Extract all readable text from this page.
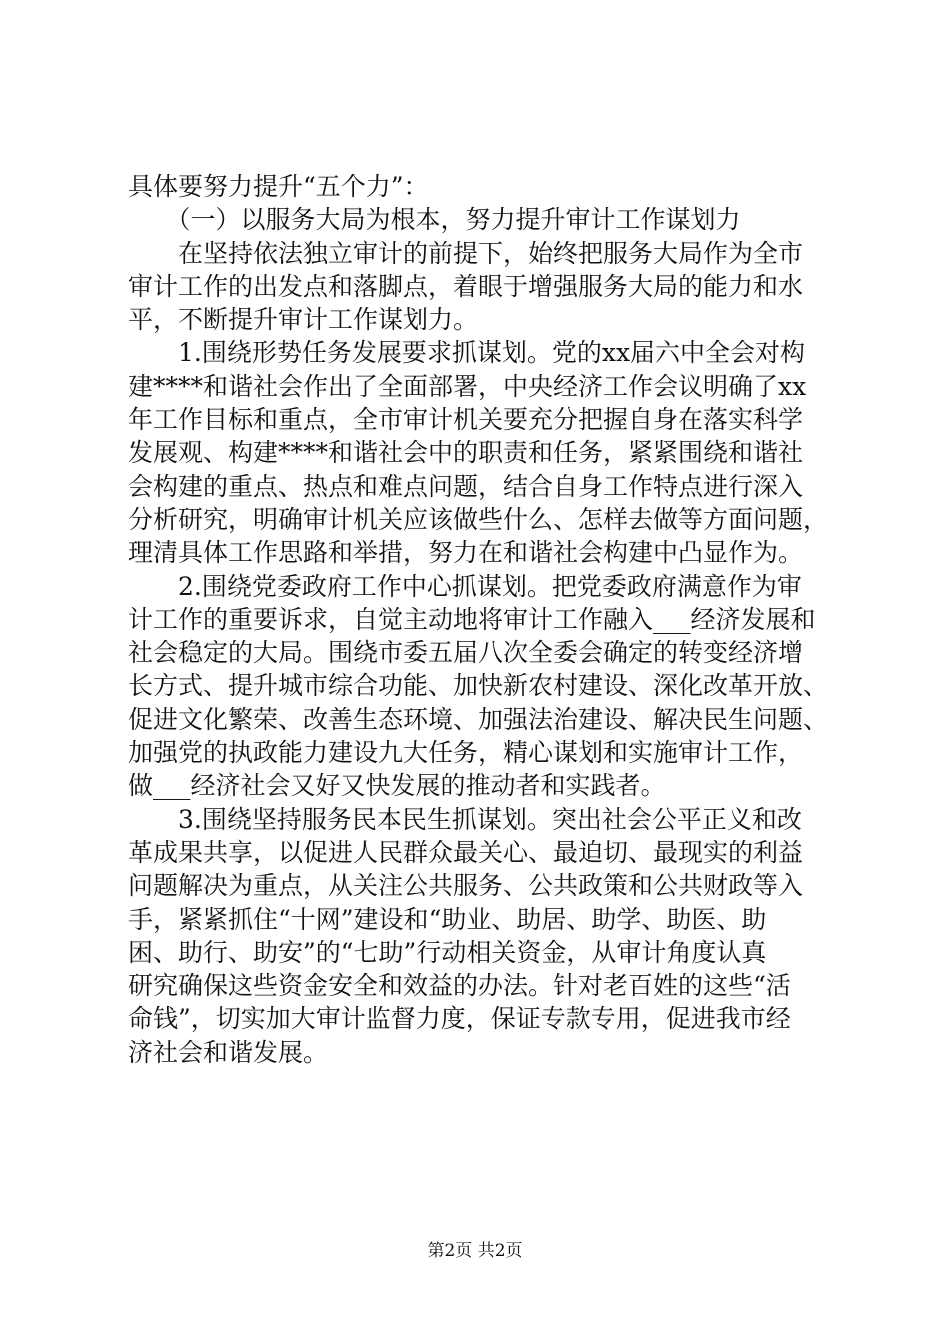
具体要努力提升“五个力”：
　　（一）以服务大局为根本，努力提升审计工作谋划力
　　在坚持依法独立审计的前提下，始终把服务大局作为全市
审计工作的出发点和落脚点，着眼于增强服务大局的能力和水
平，不断提升审计工作谋划力。
　　1.围绕形势任务发展要求抓谋划。党的xx届六中全会对构
建****和谐社会作出了全面部署，中央经济工作会议明确了xx
年工作目标和重点，全市审计机关要充分把握自身在落实科学
发展观、构建****和谐社会中的职责和任务，紧紧围绕和谐社
会构建的重点、热点和难点问题，结合自身工作特点进行深入
分析研究，明确审计机关应该做些什么、怎样去做等方面问题，
理清具体工作思路和举措，努力在和谐社会构建中凸显作为。
　　2.围绕党委政府工作中心抓谋划。把党委政府满意作为审
计工作的重要诉求，自觉主动地将审计工作融入___经济发展和
社会稳定的大局。围绕市委五届八次全委会确定的转变经济增
长方式、提升城市综合功能、加快新农村建设、深化改革开放、
促进文化繁荣、改善生态环境、加强法治建设、解决民生问题、
加强党的执政能力建设九大任务，精心谋划和实施审计工作，
做___经济社会又好又快发展的推动者和实践者。
　　3.围绕坚持服务民本民生抓谋划。突出社会公平正义和改
革成果共享，以促进人民群众最关心、最迫切、最现实的利益
问题解决为重点，从关注公共服务、公共政策和公共财政等入
手，紧紧抓住“十网”建设和“助业、助居、助学、助医、助
困、助行、助安”的“七助”行动相关资金，从审计角度认真
研究确保这些资金安全和效益的办法。针对老百姓的这些“活
命钱”，切实加大审计监督力度，保证专款专用，促进我市经
济社会和谐发展。
第2页 共2页
